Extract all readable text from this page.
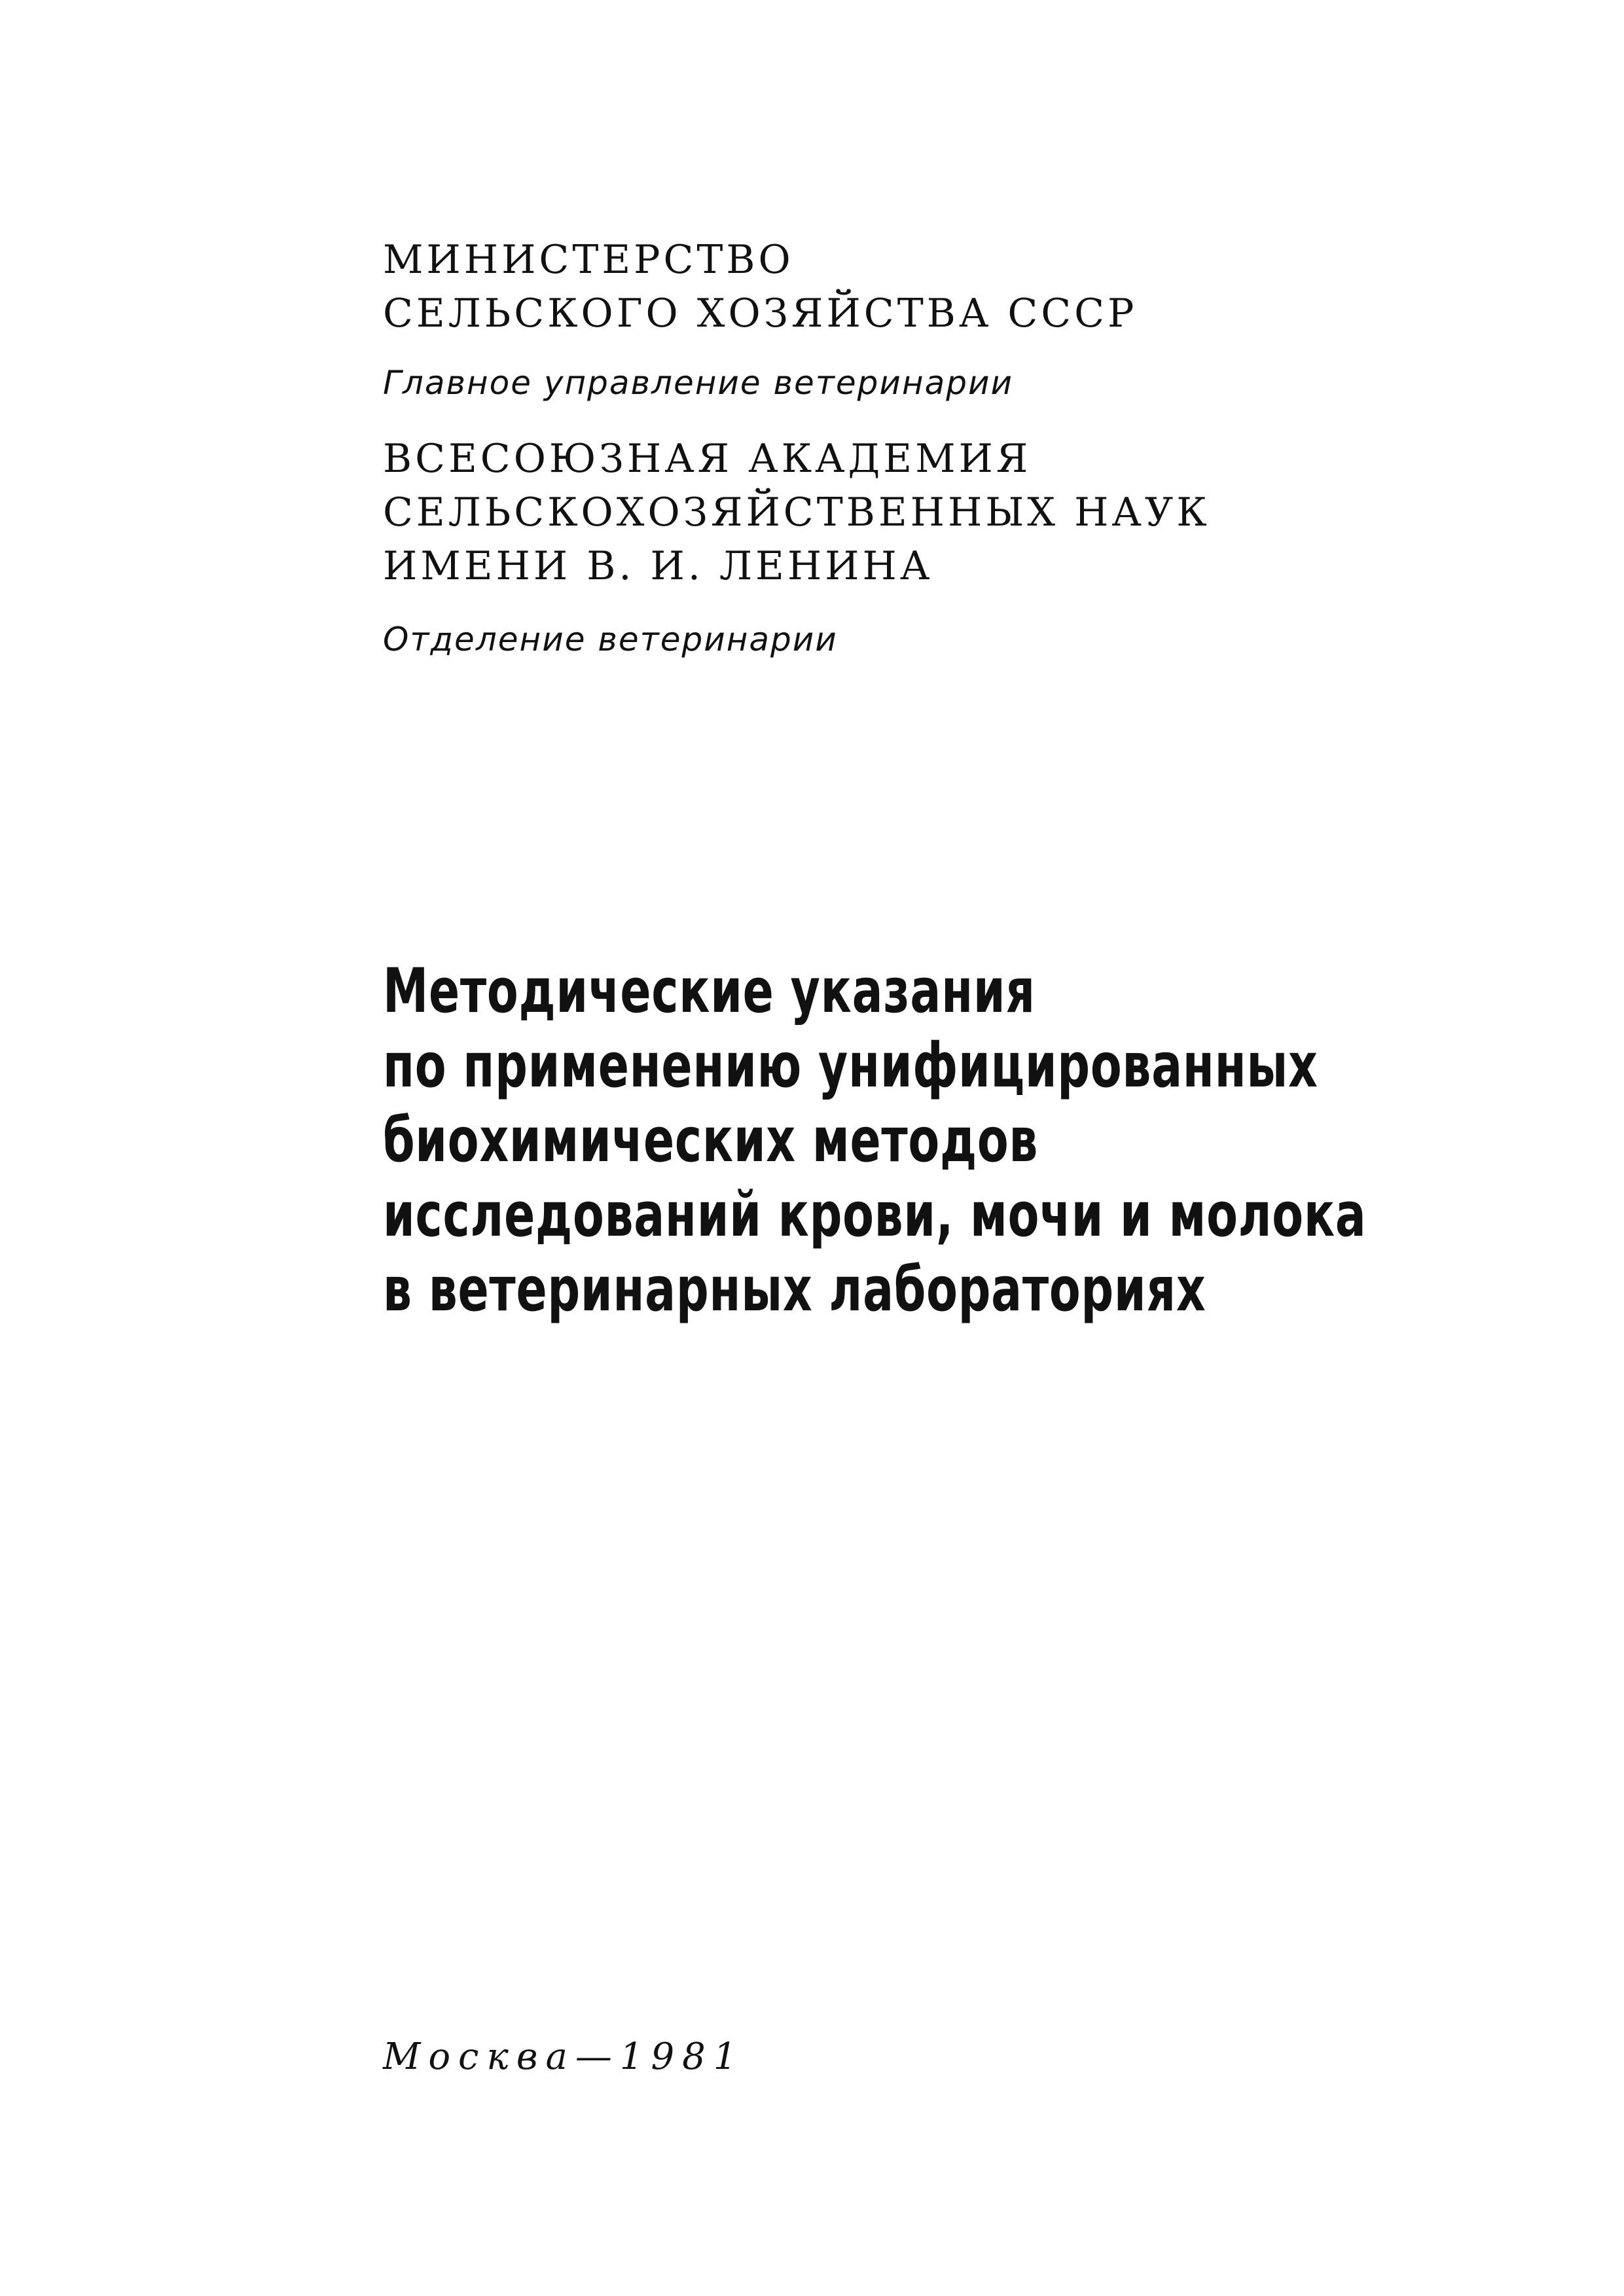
МИНИСТЕРСТВО
СЕЛЬСКОГО ХОЗЯЙСТВА СССР
Главное управление ветеринарии
ВСЕСОЮЗНАЯ АКАДЕМИЯ
СЕЛЬСКОХОЗЯЙСТВЕННЫХ НАУК
ИМЕНИ В. И. ЛЕНИНА
Отделение ветеринарии
Методические указания
по применению унифицированных
биохимических методов
исследований крови, мочи и молока
в ветеринарных лабораториях
Москва—1981
